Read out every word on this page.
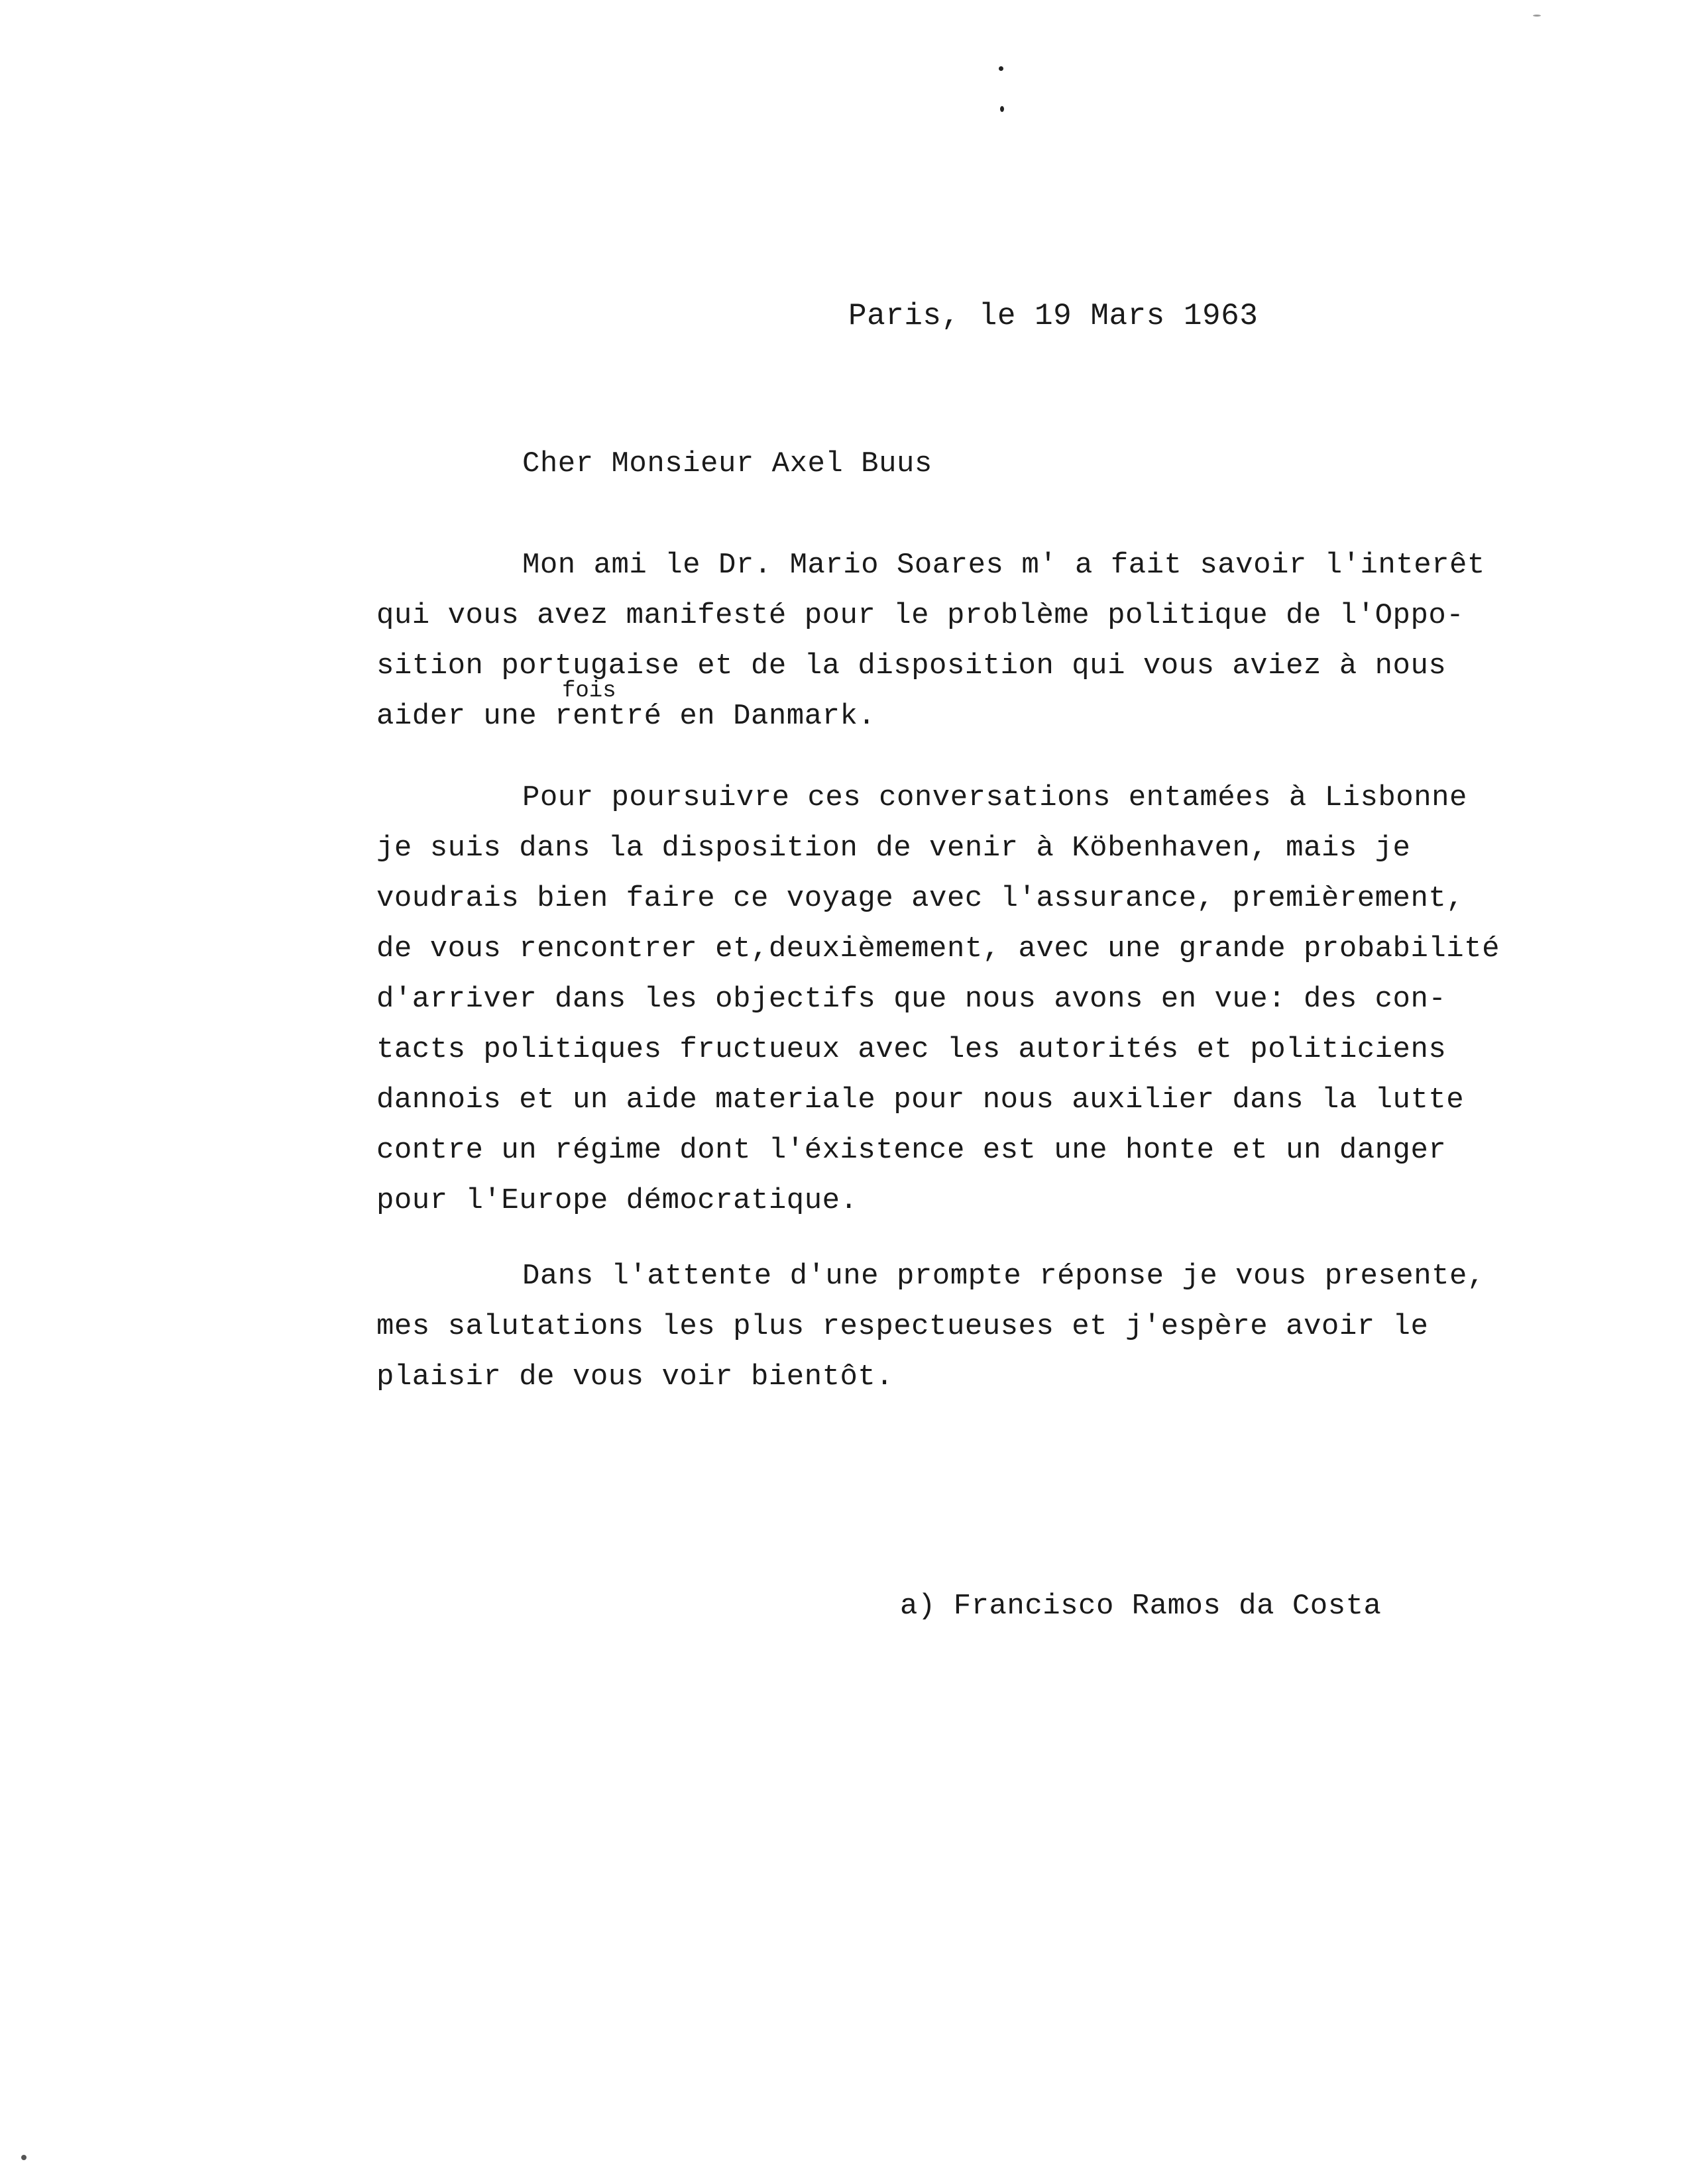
Paris, le 19 Mars 1963
Cher Monsieur Axel Buus
Mon ami le Dr. Mario Soares m' a fait savoir l'interêt
qui vous avez manifesté pour le problème politique de l'Oppo-
sition portugaise et de la disposition qui vous aviez à nous
aider une rentré en Danmark.
fois
Pour poursuivre ces conversations entamées à Lisbonne
je suis dans la disposition de venir à Köbenhaven, mais je
voudrais bien faire ce voyage avec l'assurance, premièrement,
de vous rencontrer et,deuxièmement, avec une grande probabilité
d'arriver dans les objectifs que nous avons en vue: des con-
tacts politiques fructueux avec les autorités et politiciens
dannois et un aide materiale pour nous auxilier dans la lutte
contre un régime dont l'éxistence est une honte et un danger
pour l'Europe démocratique.
Dans l'attente d'une prompte réponse je vous presente,
mes salutations les plus respectueuses et j'espère avoir le
plaisir de vous voir bientôt.
a) Francisco Ramos da Costa
